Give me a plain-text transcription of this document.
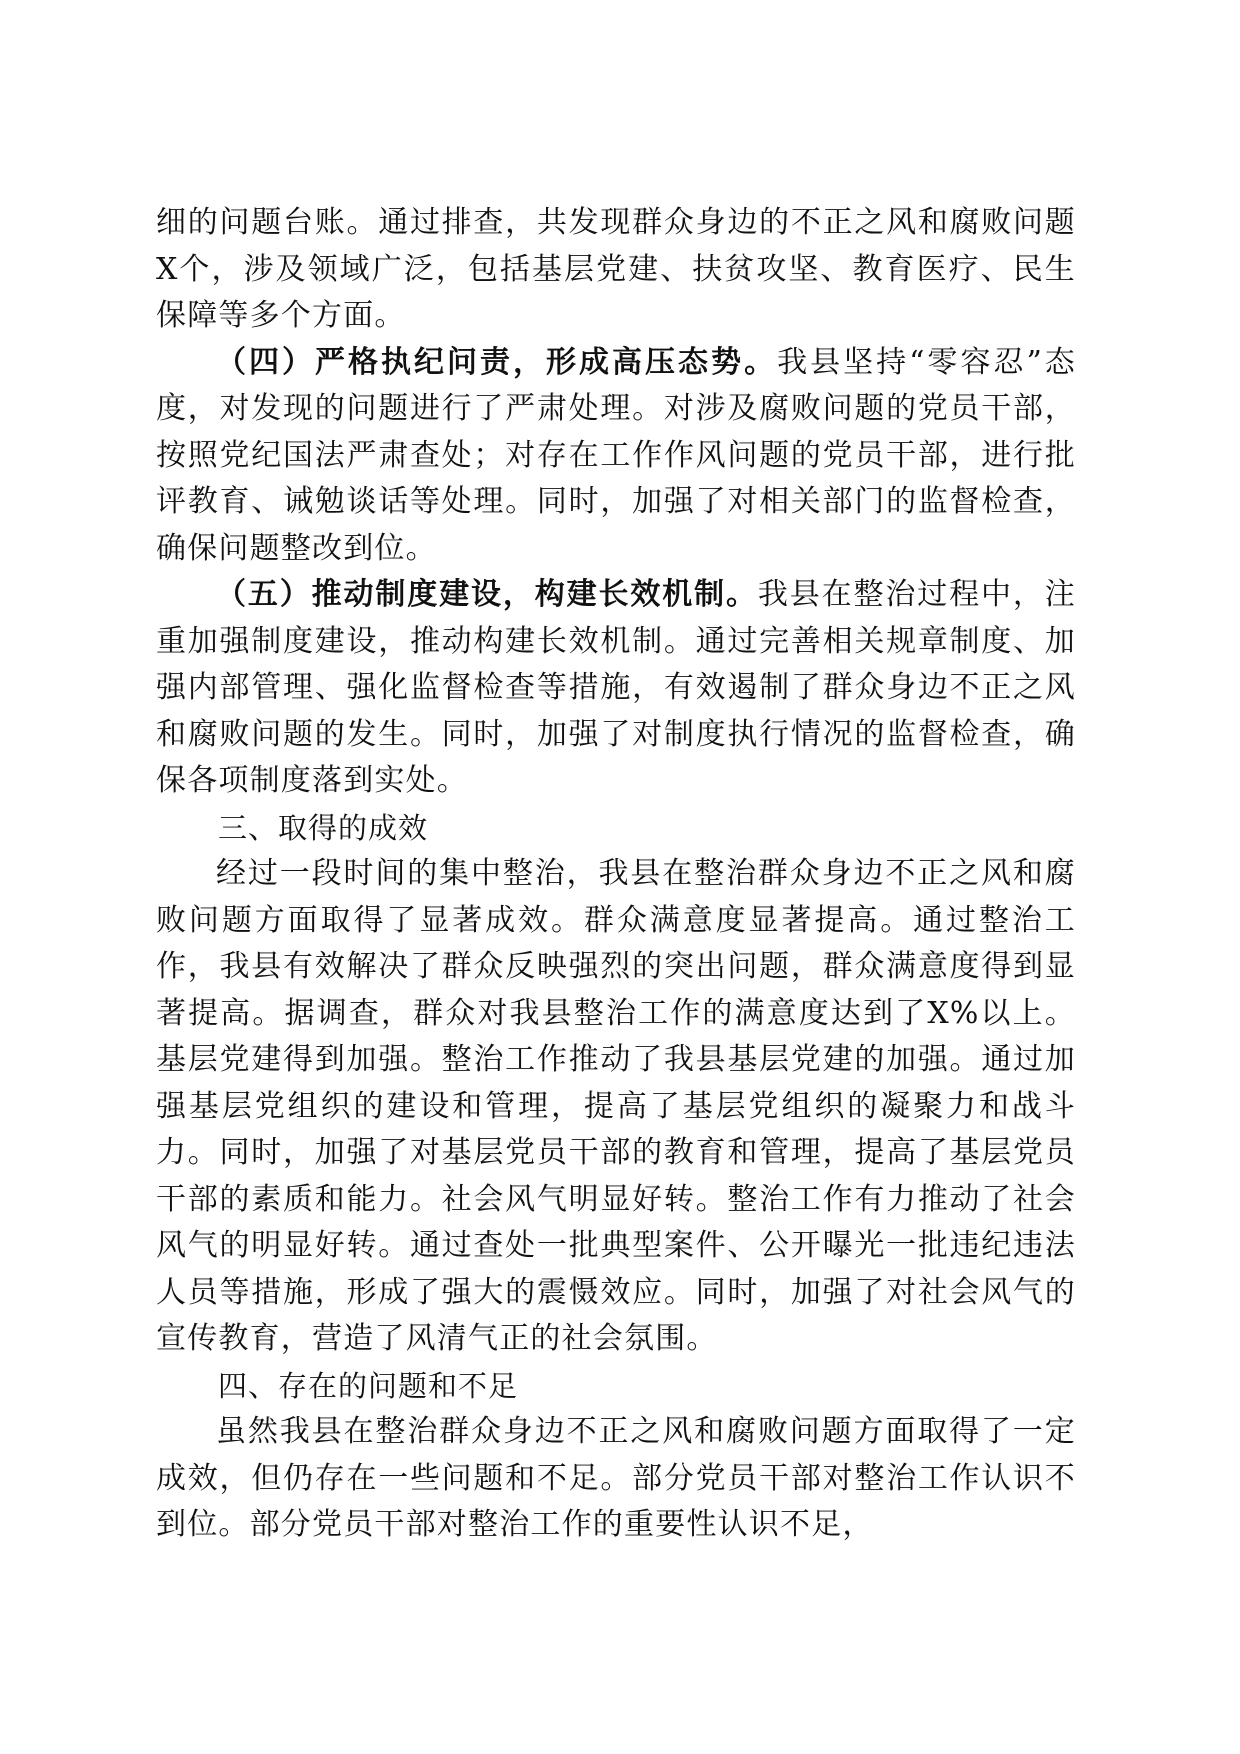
细的问题台账。通过排查，共发现群众身边的不正之风和腐败问题X个，涉及领域广泛，包括基层党建、扶贫攻坚、教育医疗、民生保障等多个方面。

（四）严格执纪问责，形成高压态势。我县坚持“零容忍”态度，对发现的问题进行了严肃处理。对涉及腐败问题的党员干部，按照党纪国法严肃查处；对存在工作作风问题的党员干部，进行批评教育、诫勉谈话等处理。同时，加强了对相关部门的监督检查，确保问题整改到位。

（五）推动制度建设，构建长效机制。我县在整治过程中，注重加强制度建设，推动构建长效机制。通过完善相关规章制度、加强内部管理、强化监督检查等措施，有效遏制了群众身边不正之风和腐败问题的发生。同时，加强了对制度执行情况的监督检查，确保各项制度落到实处。

三、取得的成效

经过一段时间的集中整治，我县在整治群众身边不正之风和腐败问题方面取得了显著成效。群众满意度显著提高。通过整治工作，我县有效解决了群众反映强烈的突出问题，群众满意度得到显著提高。据调查，群众对我县整治工作的满意度达到了X%以上。基层党建得到加强。整治工作推动了我县基层党建的加强。通过加强基层党组织的建设和管理，提高了基层党组织的凝聚力和战斗力。同时，加强了对基层党员干部的教育和管理，提高了基层党员干部的素质和能力。社会风气明显好转。整治工作有力推动了社会风气的明显好转。通过查处一批典型案件、公开曝光一批违纪违法人员等措施，形成了强大的震慑效应。同时，加强了对社会风气的宣传教育，营造了风清气正的社会氛围。

四、存在的问题和不足

虽然我县在整治群众身边不正之风和腐败问题方面取得了一定成效，但仍存在一些问题和不足。部分党员干部对整治工作认识不到位。部分党员干部对整治工作的重要性认识不足，
